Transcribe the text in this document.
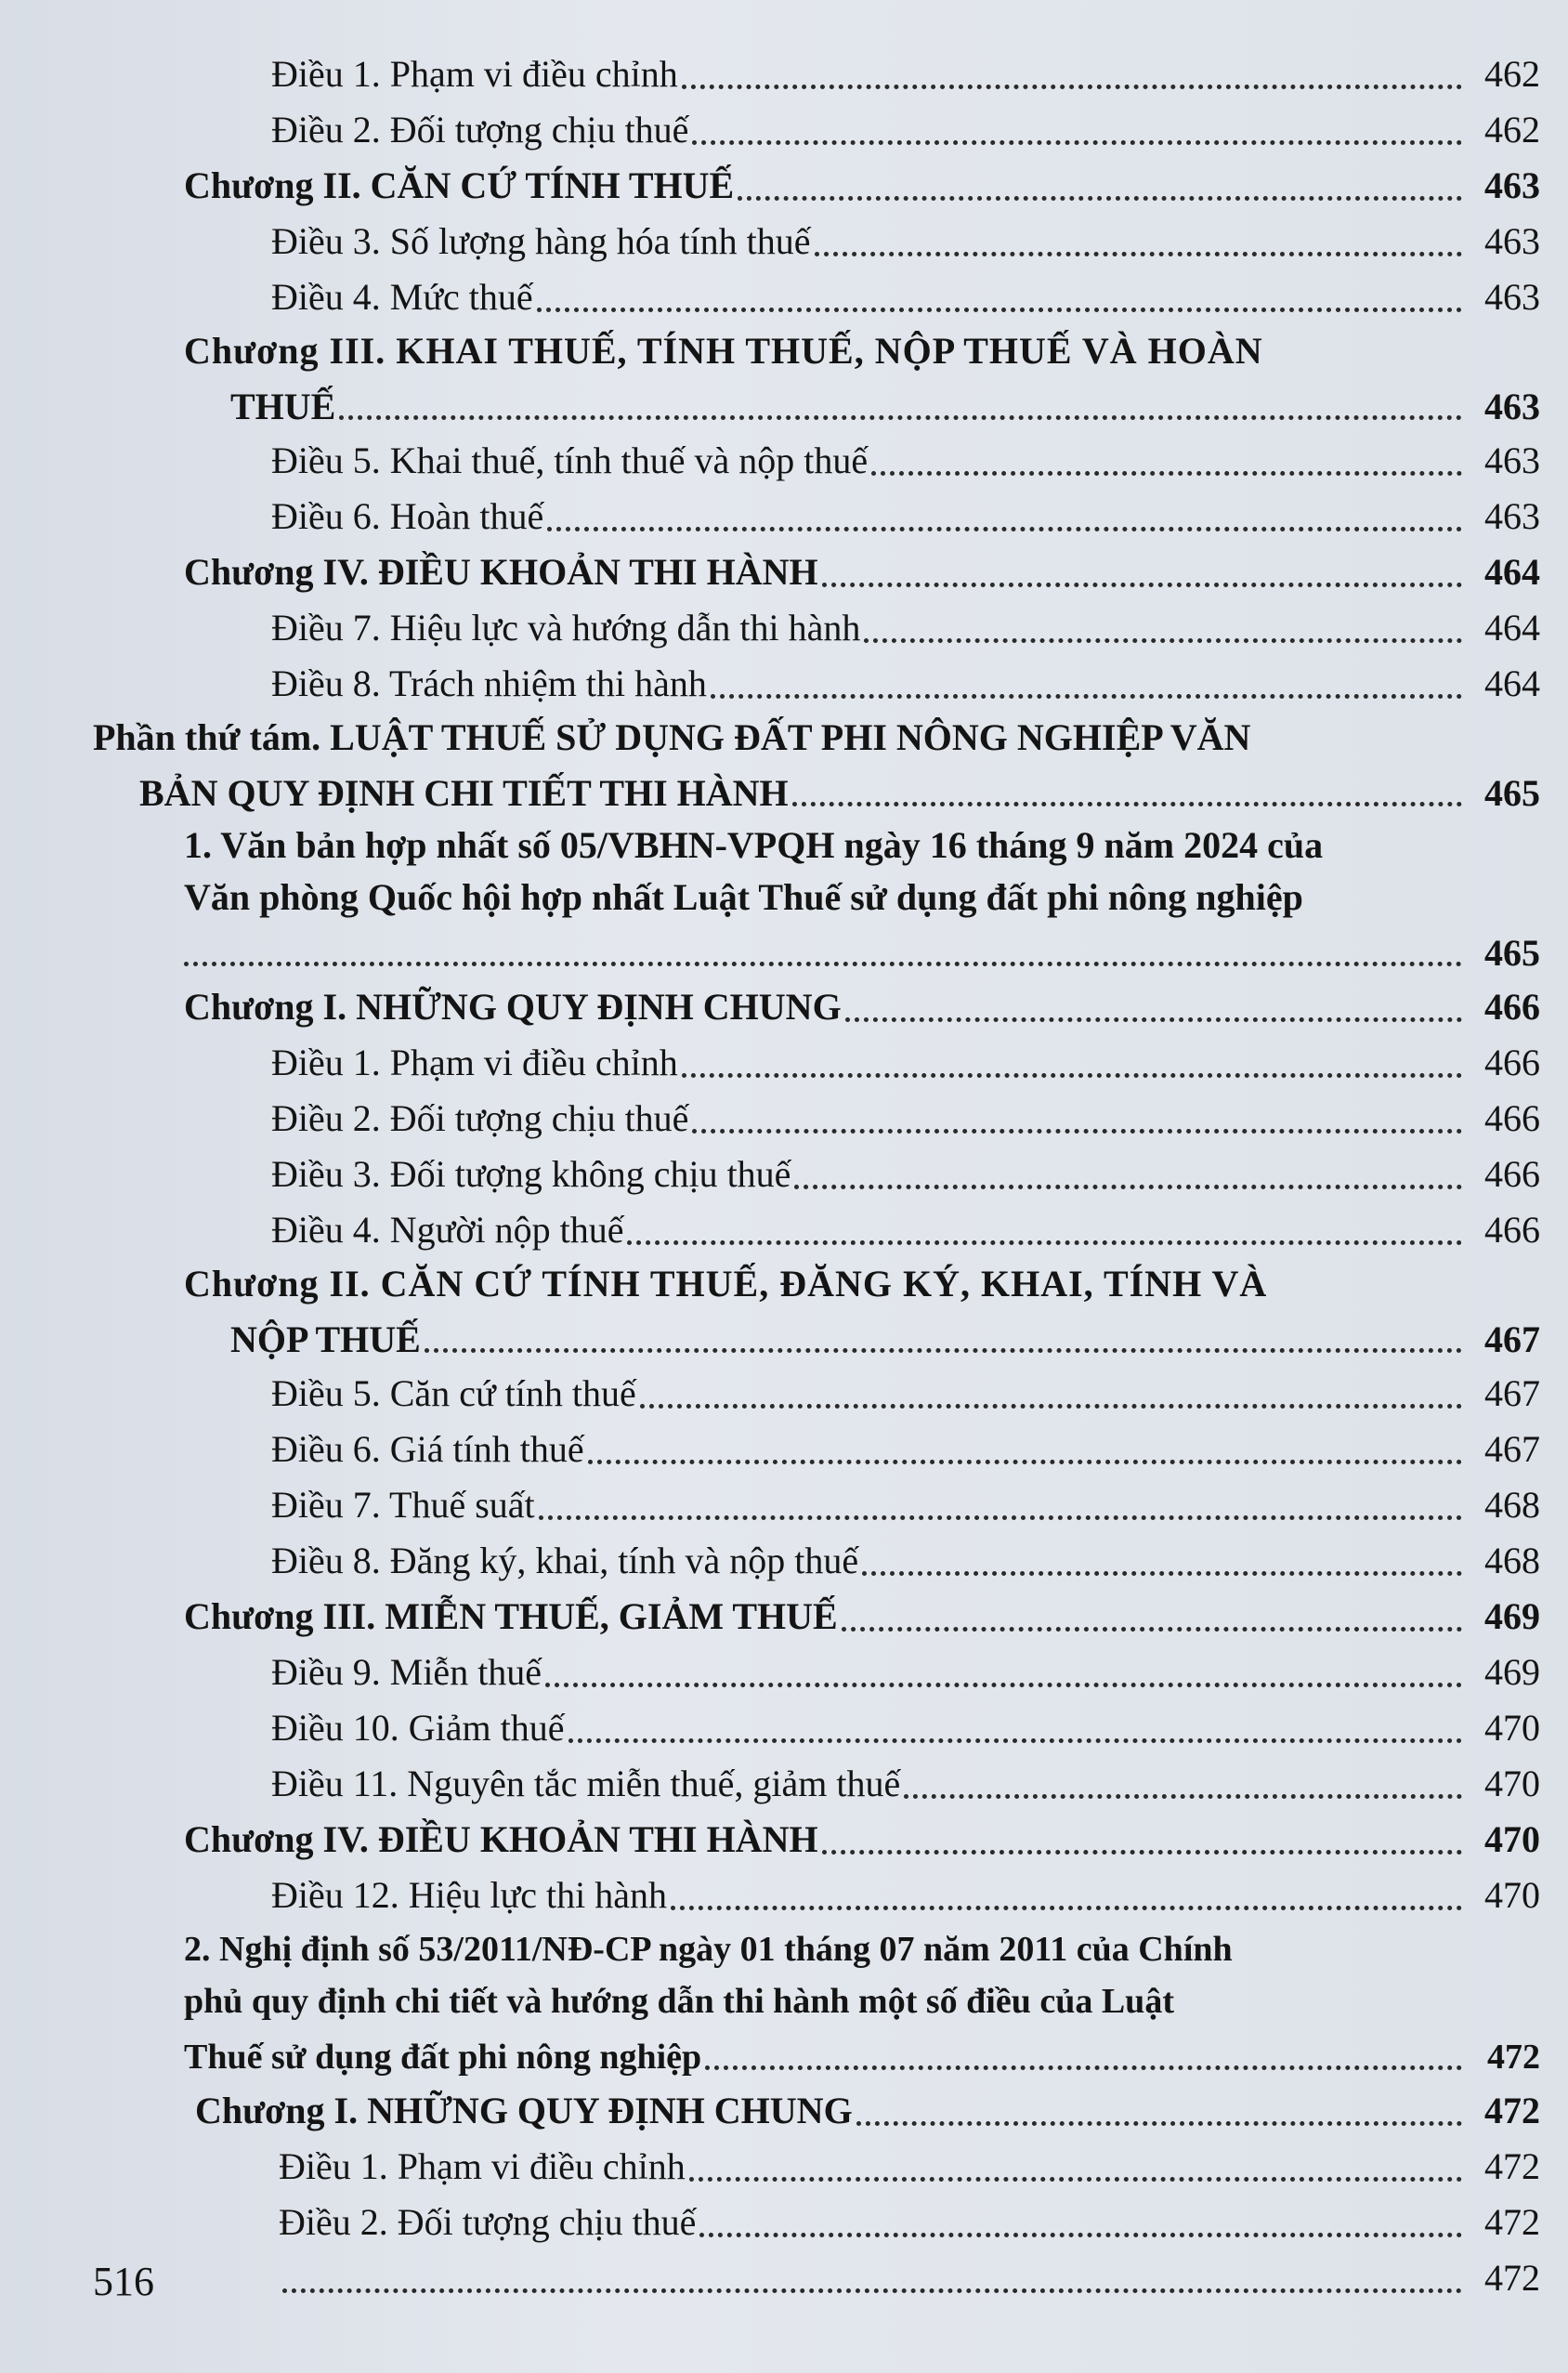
Điều 1. Phạm vi điều chỉnh	462
Điều 2. Đối tượng chịu thuế	462
Chương II. CĂN CỨ TÍNH THUẾ	463
Điều 3. Số lượng hàng hóa tính thuế	463
Điều 4. Mức thuế	463
Chương III. KHAI THUẾ, TÍNH THUẾ, NỘP THUẾ VÀ HOÀN
THUẾ	463
Điều 5. Khai thuế, tính thuế và nộp thuế	463
Điều 6. Hoàn thuế	463
Chương IV. ĐIỀU KHOẢN THI HÀNH	464
Điều 7. Hiệu lực và hướng dẫn thi hành	464
Điều 8. Trách nhiệm thi hành	464
Phần thứ tám. LUẬT THUẾ SỬ DỤNG ĐẤT PHI NÔNG NGHIỆP VĂN
BẢN QUY ĐỊNH CHI TIẾT THI HÀNH	465
1. Văn bản hợp nhất số 05/VBHN-VPQH ngày 16 tháng 9 năm 2024 của
Văn phòng Quốc hội hợp nhất Luật Thuế sử dụng đất phi nông nghiệp
465
Chương I. NHỮNG QUY ĐỊNH CHUNG	466
Điều 1. Phạm vi điều chỉnh	466
Điều 2. Đối tượng chịu thuế	466
Điều 3. Đối tượng không chịu thuế	466
Điều 4. Người nộp thuế	466
Chương II. CĂN CỨ TÍNH THUẾ, ĐĂNG KÝ, KHAI, TÍNH VÀ
NỘP THUẾ	467
Điều 5. Căn cứ tính thuế	467
Điều 6. Giá tính thuế	467
Điều 7. Thuế suất	468
Điều 8. Đăng ký, khai, tính và nộp thuế	468
Chương III. MIỄN THUẾ, GIẢM THUẾ	469
Điều 9. Miễn thuế	469
Điều 10. Giảm thuế	470
Điều 11. Nguyên tắc miễn thuế, giảm thuế	470
Chương IV. ĐIỀU KHOẢN THI HÀNH	470
Điều 12. Hiệu lực thi hành	470
2. Nghị định số 53/2011/NĐ-CP ngày 01 tháng 07 năm 2011 của Chính
phủ quy định chi tiết và hướng dẫn thi hành một số điều của Luật
Thuế sử dụng đất phi nông nghiệp	472
Chương I. NHỮNG QUY ĐỊNH CHUNG	472
Điều 1. Phạm vi điều chỉnh	472
Điều 2. Đối tượng chịu thuế	472
472
516
